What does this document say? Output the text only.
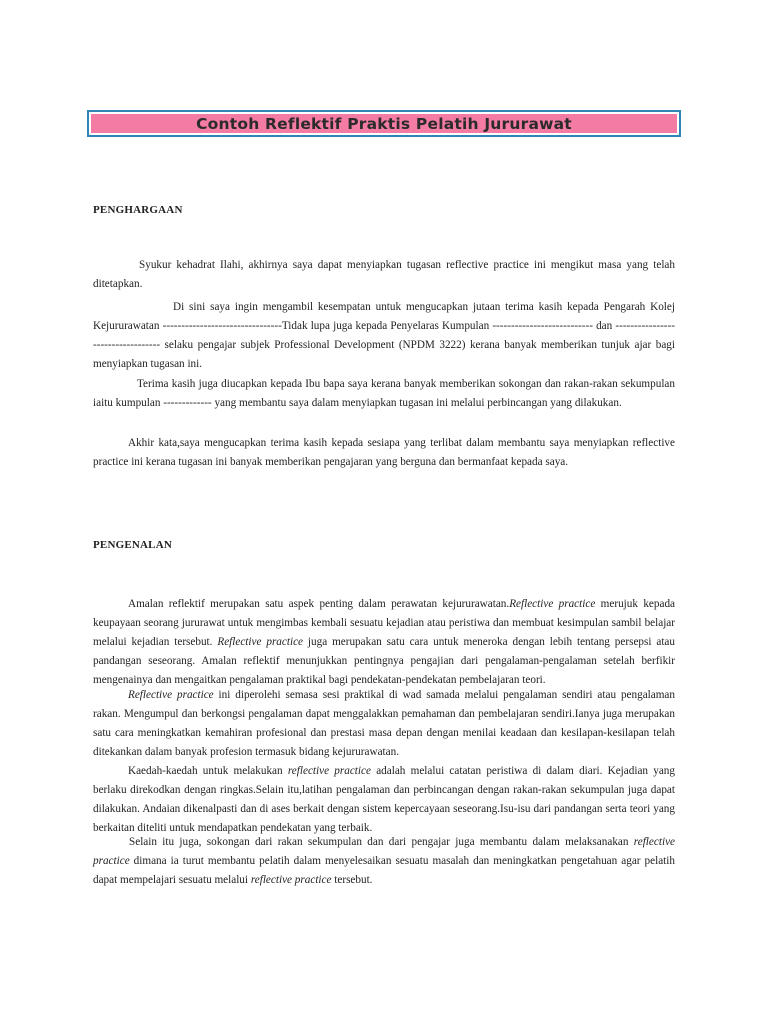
Contoh Reflektif Praktis Pelatih Jururawat
PENGHARGAAN
Syukur kehadrat Ilahi, akhirnya saya dapat menyiapkan tugasan reflective practice ini mengikut masa yang telah ditetapkan.
Di sini saya ingin mengambil kesempatan untuk mengucapkan jutaan terima kasih kepada Pengarah Kolej Kejururawatan --------------------------------Tidak lupa juga kepada Penyelaras Kumpulan --------------------------- dan ---------------------------------- selaku pengajar subjek Professional Development (NPDM 3222) kerana banyak memberikan tunjuk ajar bagi menyiapkan tugasan ini.
Terima kasih juga diucapkan kepada Ibu bapa saya kerana banyak memberikan sokongan dan rakan-rakan sekumpulan iaitu kumpulan ------------- yang membantu saya dalam menyiapkan tugasan ini melalui perbincangan yang dilakukan.
Akhir kata,saya mengucapkan terima kasih kepada sesiapa yang terlibat dalam membantu saya menyiapkan reflective practice ini kerana tugasan ini banyak memberikan pengajaran yang berguna dan bermanfaat kepada saya.
PENGENALAN
Amalan reflektif merupakan satu aspek penting dalam perawatan kejururawatan.Reflective practice merujuk kepada keupayaan seorang jururawat untuk mengimbas kembali sesuatu kejadian atau peristiwa dan membuat kesimpulan sambil belajar melalui kejadian tersebut. Reflective practice juga merupakan satu cara untuk meneroka dengan lebih tentang persepsi atau pandangan seseorang. Amalan reflektif menunjukkan pentingnya pengajian dari pengalaman-pengalaman setelah berfikir mengenainya dan mengaitkan pengalaman praktikal bagi pendekatan-pendekatan pembelajaran teori.
Reflective practice ini diperolehi semasa sesi praktikal di wad samada melalui pengalaman sendiri atau pengalaman rakan. Mengumpul dan berkongsi pengalaman dapat menggalakkan pemahaman dan pembelajaran sendiri.Ianya juga merupakan satu cara meningkatkan kemahiran profesional dan prestasi masa depan dengan menilai keadaan dan kesilapan-kesilapan telah ditekankan dalam banyak profesion termasuk bidang kejururawatan.
Kaedah-kaedah untuk melakukan reflective practice adalah melalui catatan peristiwa di dalam diari. Kejadian yang berlaku direkodkan dengan ringkas.Selain itu,latihan pengalaman dan perbincangan dengan rakan-rakan sekumpulan juga dapat dilakukan. Andaian dikenalpasti dan di ases berkait dengan sistem kepercayaan seseorang.Isu-isu dari pandangan serta teori yang berkaitan diteliti untuk mendapatkan pendekatan yang terbaik.
Selain itu juga, sokongan dari rakan sekumpulan dan dari pengajar juga membantu dalam melaksanakan reflective practice dimana ia turut membantu pelatih dalam menyelesaikan sesuatu masalah dan meningkatkan pengetahuan agar pelatih dapat mempelajari sesuatu melalui reflective practice tersebut.
